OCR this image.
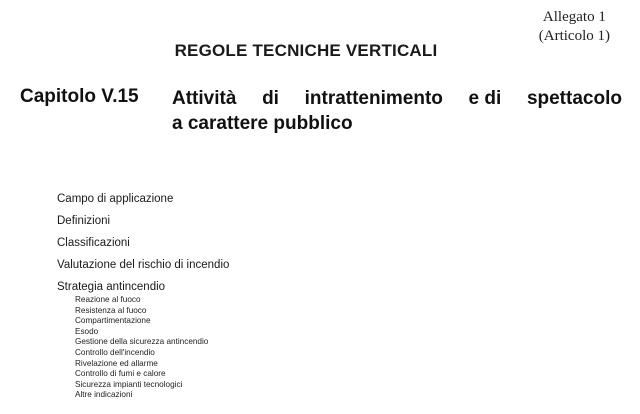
Allegato 1
(Articolo 1)
REGOLE TECNICHE VERTICALI
Capitolo V.15 Attività di intrattenimento e di spettacolo
a carattere pubblico
Campo di applicazione
Definizioni
Classificazioni
Valutazione del rischio di incendio
Strategia antincendio
Reazione al fuoco
Resistenza al fuoco
Compartimentazione
Esodo
Gestione della sicurezza antincendio
Controllo dell'incendio
Rivelazione ed allarme
Controllo di fumi e calore
Sicurezza impianti tecnologici
Altre indicazioni
